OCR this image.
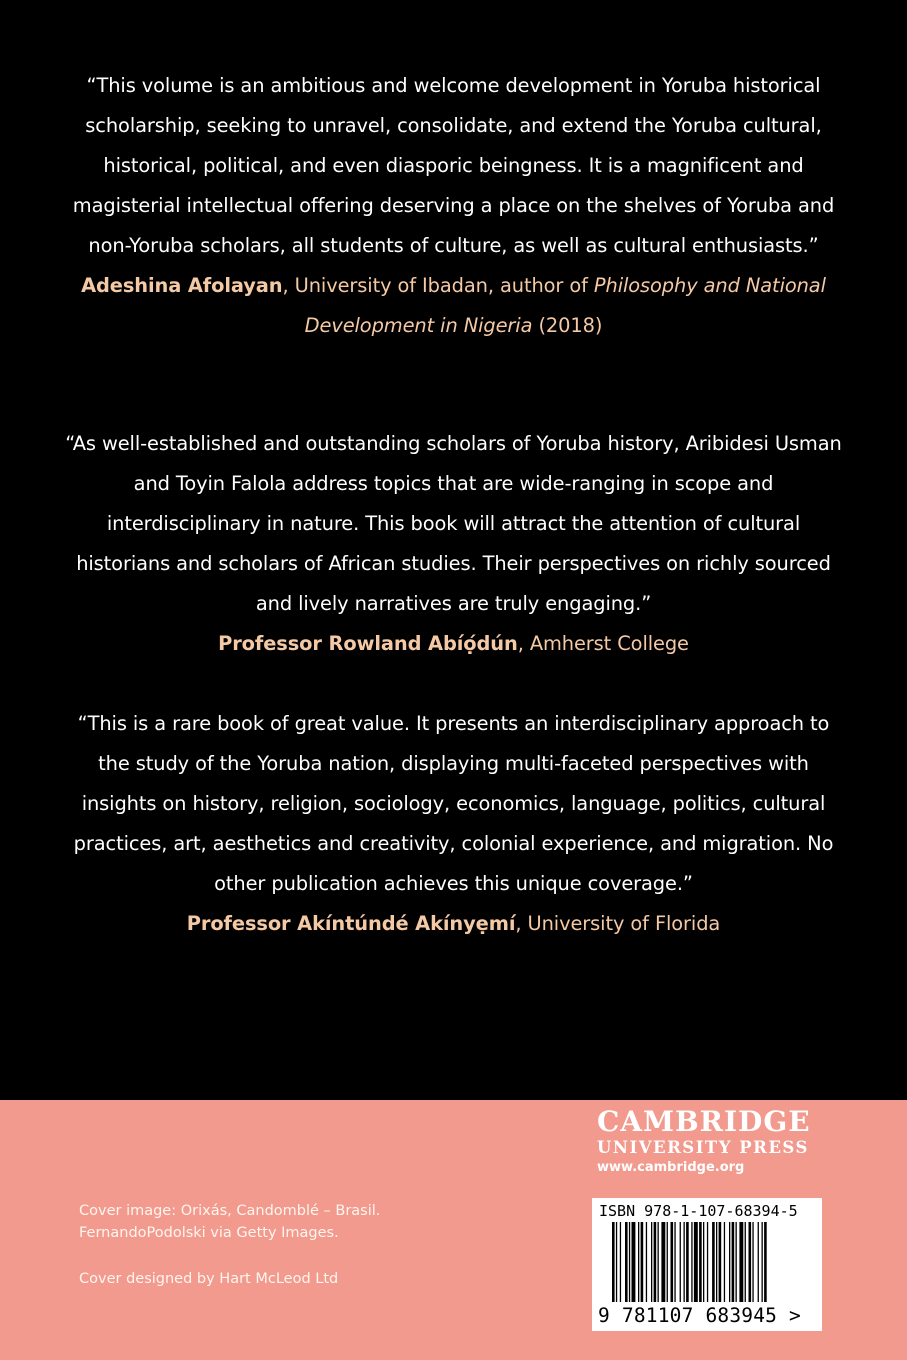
“This volume is an ambitious and welcome development in Yoruba historical scholarship, seeking to unravel, consolidate, and extend the Yoruba cultural, historical, political, and even diasporic beingness. It is a magnificent and magisterial intellectual offering deserving a place on the shelves of Yoruba and non-Yoruba scholars, all students of culture, as well as cultural enthusiasts.”

Adeshina Afolayan, University of Ibadan, author of Philosophy and National Development in Nigeria (2018)

“As well-established and outstanding scholars of Yoruba history, Aribidesi Usman and Toyin Falola address topics that are wide-ranging in scope and interdisciplinary in nature. This book will attract the attention of cultural historians and scholars of African studies. Their perspectives on richly sourced and lively narratives are truly engaging.”

Professor Rowland Abíọ́dún, Amherst College

“This is a rare book of great value. It presents an interdisciplinary approach to the study of the Yoruba nation, displaying multi-faceted perspectives with insights on history, religion, sociology, economics, language, politics, cultural practices, art, aesthetics and creativity, colonial experience, and migration. No other publication achieves this unique coverage.”

Professor Akíntúndé Akínyẹmí, University of Florida

Cover image: Orixás, Candomblé – Brasil.
FernandoPodolski via Getty Images.

Cover designed by Hart McLeod Ltd

CAMBRIDGE
UNIVERSITY PRESS
www.cambridge.org
ISBN 978-1-107-68394-5
9 781107 683945 >
